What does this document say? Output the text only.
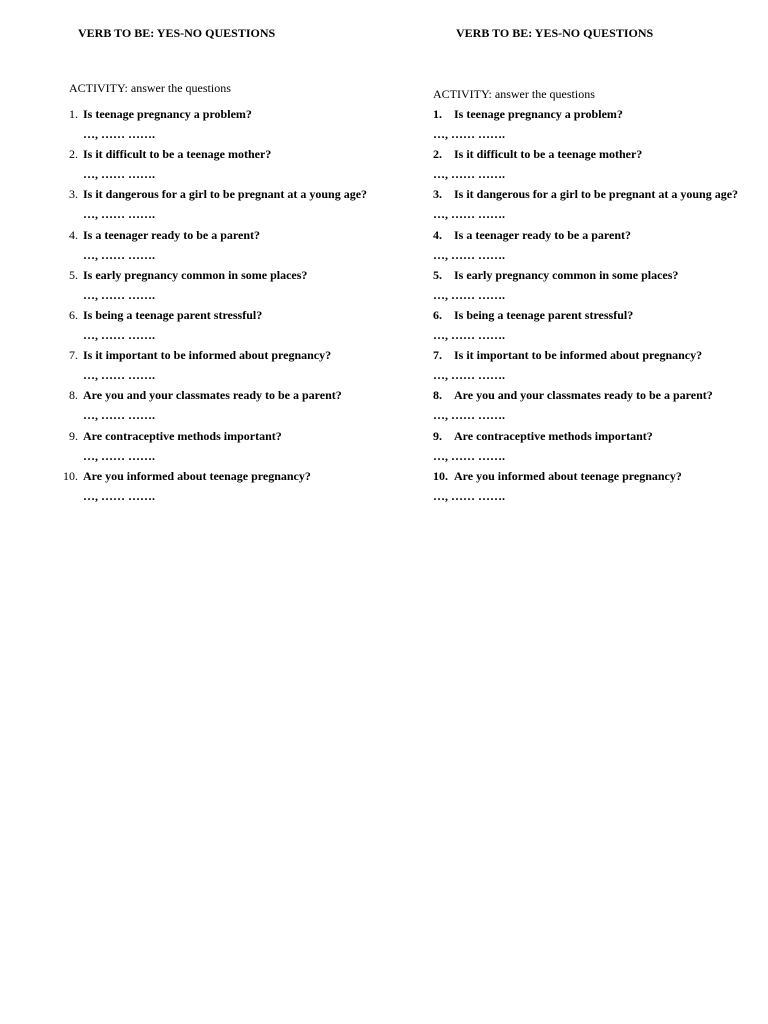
VERB TO BE: YES-NO QUESTIONS
ACTIVITY: answer the questions
1. Is teenage pregnancy a problem?
…, …… …….
2. Is it difficult to be a teenage mother?
…, …… …….
3. Is it dangerous for a girl to be pregnant at a young age?
…, …… …….
4. Is a teenager ready to be a parent?
…, …… …….
5. Is early pregnancy common in some places?
…, …… …….
6. Is being a teenage parent stressful?
…, …… …….
7. Is it important to be informed about pregnancy?
…, …… …….
8. Are you and your classmates ready to be a parent?
…, …… …….
9. Are contraceptive methods important?
…, …… …….
10. Are you informed about teenage pregnancy?
…, …… …….
VERB TO BE: YES-NO QUESTIONS
ACTIVITY: answer the questions
1. Is teenage pregnancy a problem?
…, …… …….
2. Is it difficult to be a teenage mother?
…, …… …….
3. Is it dangerous for a girl to be pregnant at a young age?
…, …… …….
4. Is a teenager ready to be a parent?
…, …… …….
5. Is early pregnancy common in some places?
…, …… …….
6. Is being a teenage parent stressful?
…, …… …….
7. Is it important to be informed about pregnancy?
…, …… …….
8. Are you and your classmates ready to be a parent?
…, …… …….
9. Are contraceptive methods important?
…, …… …….
10. Are you informed about teenage pregnancy?
…, …… …….
